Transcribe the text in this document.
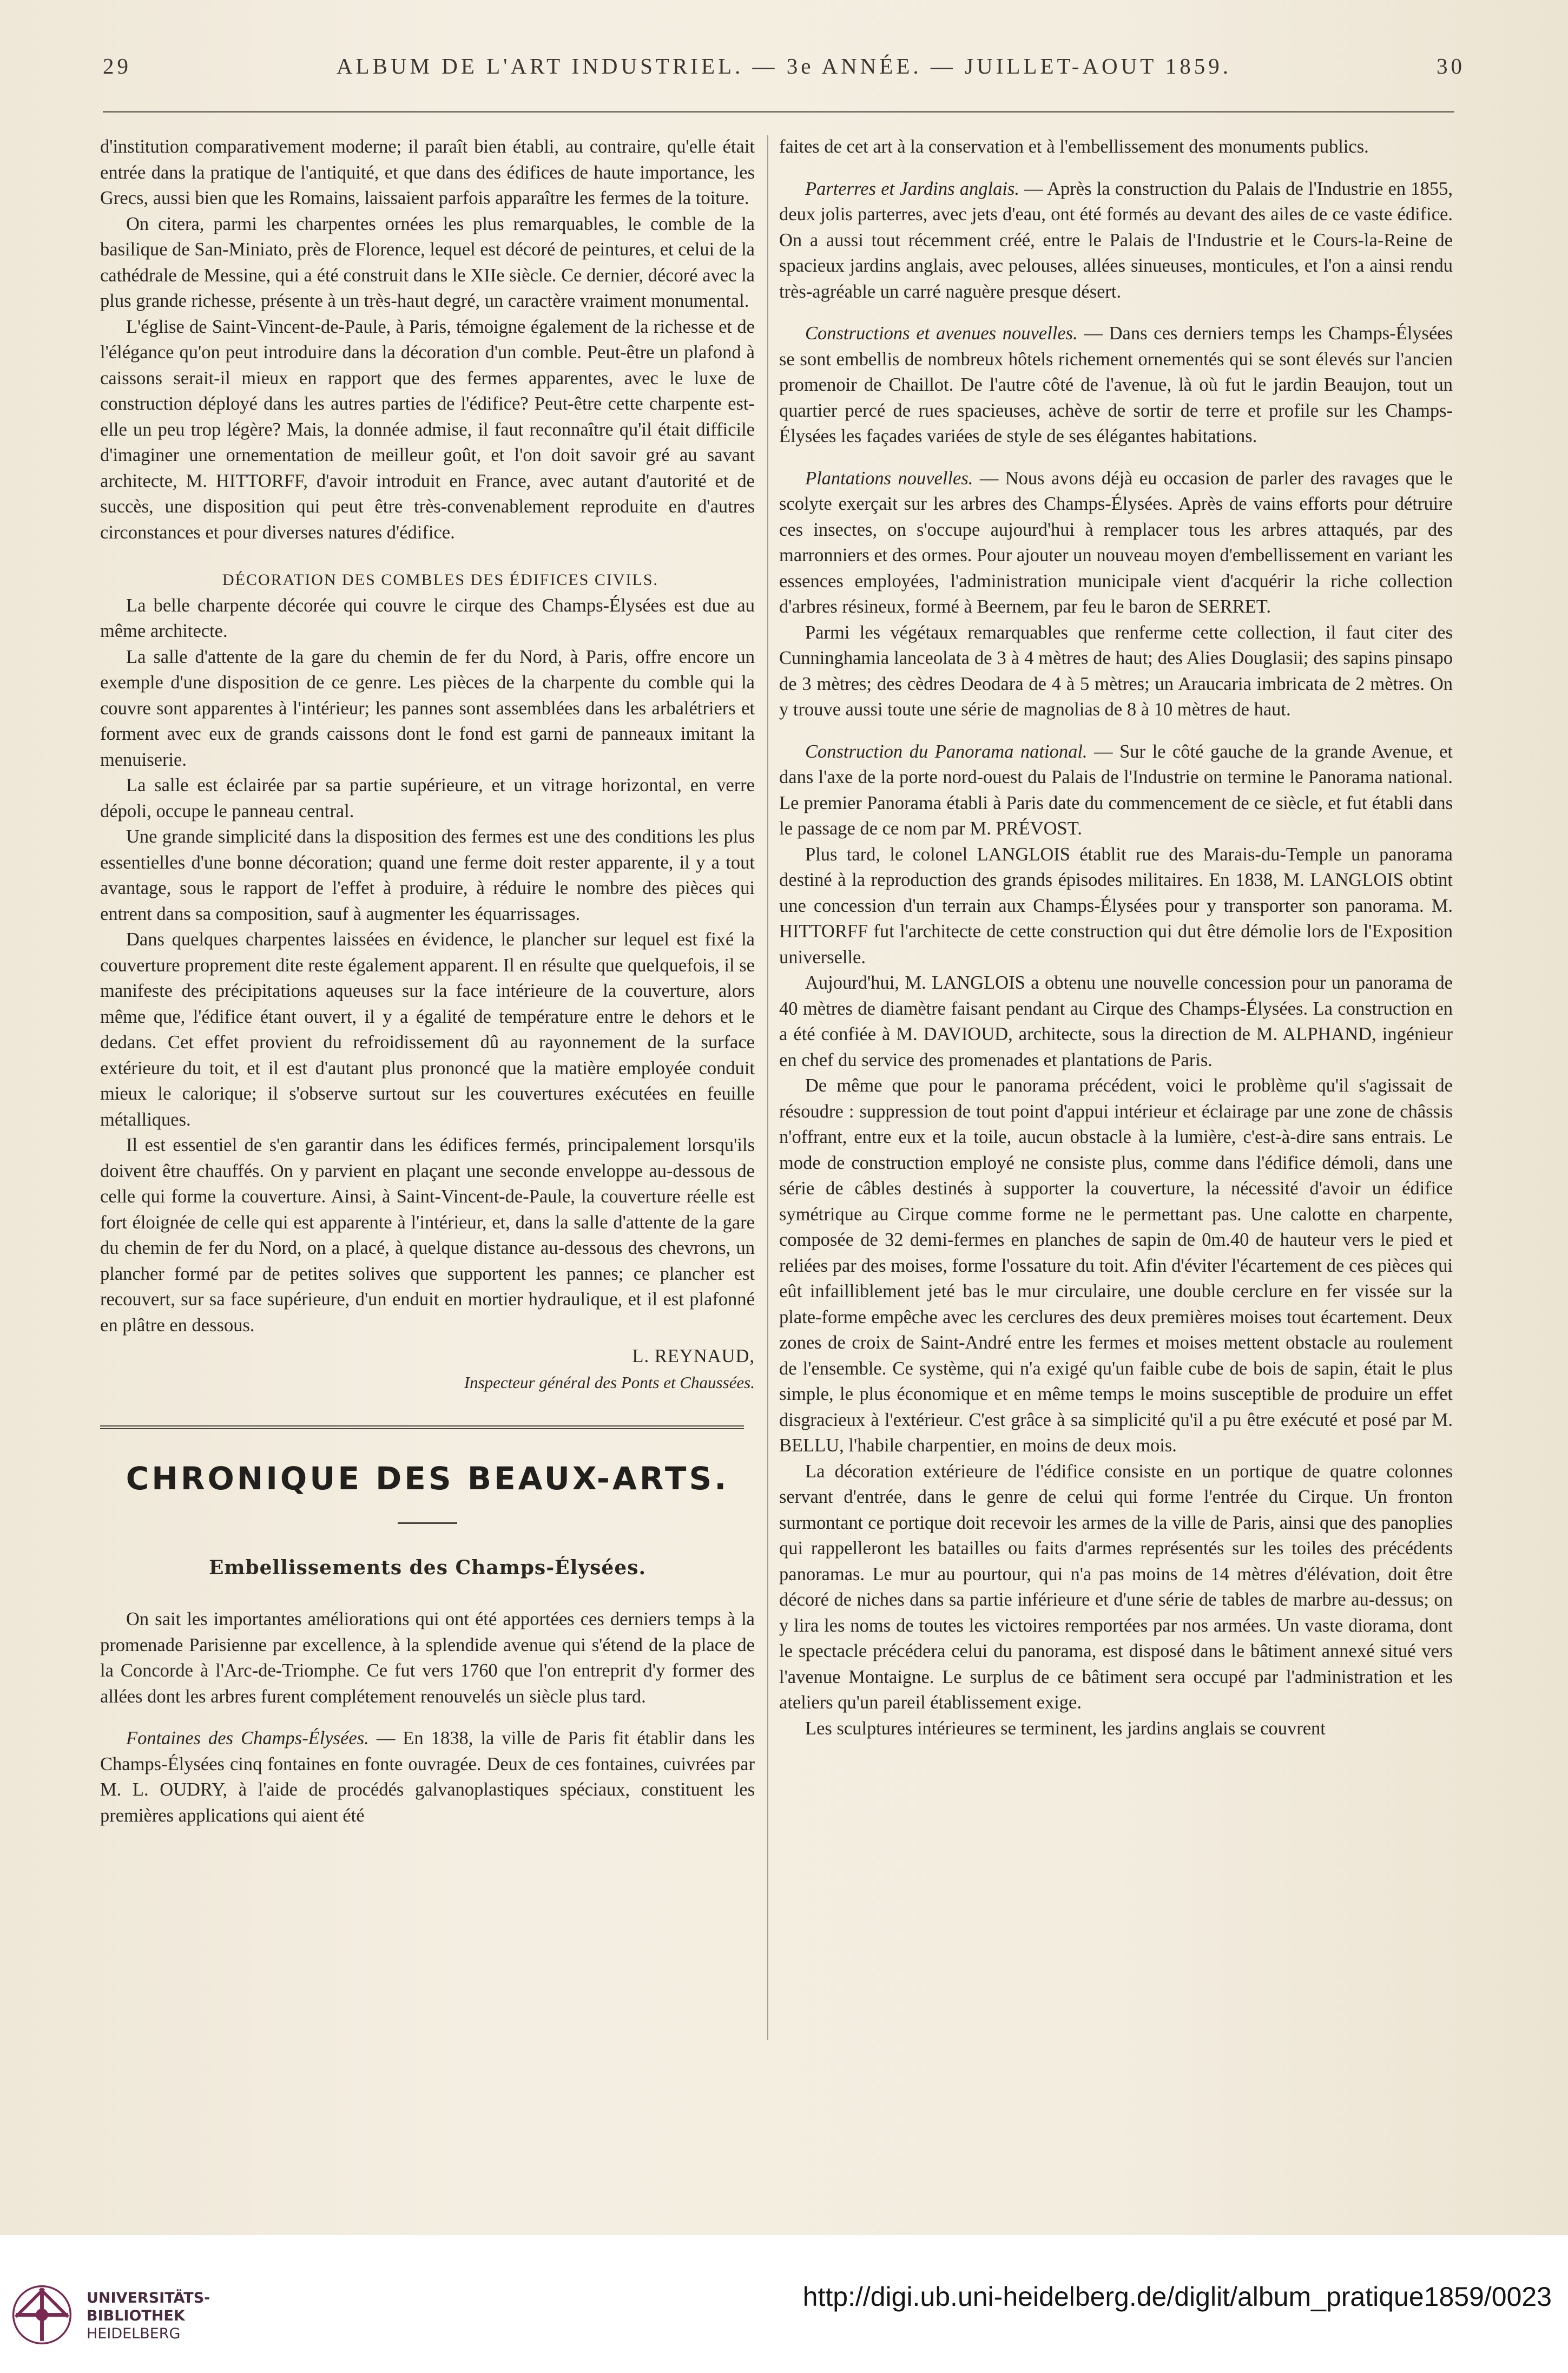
29	ALBUM DE L'ART INDUSTRIEL. — 3e ANNÉE. — JUILLET-AOUT 1859.	30

d'institution comparativement moderne; il paraît bien établi, au contraire, qu'elle était entrée dans la pratique de l'antiquité, et que dans des édifices de haute importance, les Grecs, aussi bien que les Romains, laissaient parfois apparaître les fermes de la toiture.

On citera, parmi les charpentes ornées les plus remarquables, le comble de la basilique de San-Miniato, près de Florence, lequel est décoré de peintures, et celui de la cathédrale de Messine, qui a été construit dans le XIIe siècle. Ce dernier, décoré avec la plus grande richesse, présente à un très-haut degré, un caractère vraiment monumental.

L'église de Saint-Vincent-de-Paule, à Paris, témoigne également de la richesse et de l'élégance qu'on peut introduire dans la décoration d'un comble. Peut-être un plafond à caissons serait-il mieux en rapport que des fermes apparentes, avec le luxe de construction déployé dans les autres parties de l'édifice? Peut-être cette charpente est-elle un peu trop légère? Mais, la donnée admise, il faut reconnaître qu'il était difficile d'imaginer une ornementation de meilleur goût, et l'on doit savoir gré au savant architecte, M. HITTORFF, d'avoir introduit en France, avec autant d'autorité et de succès, une disposition qui peut être très-convenablement reproduite en d'autres circonstances et pour diverses natures d'édifice.

DÉCORATION DES COMBLES DES ÉDIFICES CIVILS.

La belle charpente décorée qui couvre le cirque des Champs-Élysées est due au même architecte.

La salle d'attente de la gare du chemin de fer du Nord, à Paris, offre encore un exemple d'une disposition de ce genre. Les pièces de la charpente du comble qui la couvre sont apparentes à l'intérieur; les pannes sont assemblées dans les arbalétriers et forment avec eux de grands caissons dont le fond est garni de panneaux imitant la menuiserie.

La salle est éclairée par sa partie supérieure, et un vitrage horizontal, en verre dépoli, occupe le panneau central.

Une grande simplicité dans la disposition des fermes est une des conditions les plus essentielles d'une bonne décoration; quand une ferme doit rester apparente, il y a tout avantage, sous le rapport de l'effet à produire, à réduire le nombre des pièces qui entrent dans sa composition, sauf à augmenter les équarrissages.

Dans quelques charpentes laissées en évidence, le plancher sur lequel est fixé la couverture proprement dite reste également apparent. Il en résulte que quelquefois, il se manifeste des précipitations aqueuses sur la face intérieure de la couverture, alors même que, l'édifice étant ouvert, il y a égalité de température entre le dehors et le dedans. Cet effet provient du refroidissement dû au rayonnement de la surface extérieure du toit, et il est d'autant plus prononcé que la matière employée conduit mieux le calorique; il s'observe surtout sur les couvertures exécutées en feuille métalliques.

Il est essentiel de s'en garantir dans les édifices fermés, principalement lorsqu'ils doivent être chauffés. On y parvient en plaçant une seconde enveloppe au-dessous de celle qui forme la couverture. Ainsi, à Saint-Vincent-de-Paule, la couverture réelle est fort éloignée de celle qui est apparente à l'intérieur, et, dans la salle d'attente de la gare du chemin de fer du Nord, on a placé, à quelque distance au-dessous des chevrons, un plancher formé par de petites solives que supportent les pannes; ce plancher est recouvert, sur sa face supérieure, d'un enduit en mortier hydraulique, et il est plafonné en plâtre en dessous.

L. REYNAUD,

Inspecteur général des Ponts et Chaussées.

CHRONIQUE DES BEAUX-ARTS.
Embellissements des Champs-Élysées.

On sait les importantes améliorations qui ont été apportées ces derniers temps à la promenade Parisienne par excellence, à la splendide avenue qui s'étend de la place de la Concorde à l'Arc-de-Triomphe. Ce fut vers 1760 que l'on entreprit d'y former des allées dont les arbres furent complétement renouvelés un siècle plus tard.

Fontaines des Champs-Élysées. — En 1838, la ville de Paris fit établir dans les Champs-Élysées cinq fontaines en fonte ouvragée. Deux de ces fontaines, cuivrées par M. L. OUDRY, à l'aide de procédés galvanoplastiques spéciaux, constituent les premières applications qui aient été

faites de cet art à la conservation et à l'embellissement des monuments publics.

Parterres et Jardins anglais. — Après la construction du Palais de l'Industrie en 1855, deux jolis parterres, avec jets d'eau, ont été formés au devant des ailes de ce vaste édifice. On a aussi tout récemment créé, entre le Palais de l'Industrie et le Cours-la-Reine de spacieux jardins anglais, avec pelouses, allées sinueuses, monticules, et l'on a ainsi rendu très-agréable un carré naguère presque désert.

Constructions et avenues nouvelles. — Dans ces derniers temps les Champs-Élysées se sont embellis de nombreux hôtels richement ornementés qui se sont élevés sur l'ancien promenoir de Chaillot. De l'autre côté de l'avenue, là où fut le jardin Beaujon, tout un quartier percé de rues spacieuses, achève de sortir de terre et profile sur les Champs-Élysées les façades variées de style de ses élégantes habitations.

Plantations nouvelles. — Nous avons déjà eu occasion de parler des ravages que le scolyte exerçait sur les arbres des Champs-Élysées. Après de vains efforts pour détruire ces insectes, on s'occupe aujourd'hui à remplacer tous les arbres attaqués, par des marronniers et des ormes. Pour ajouter un nouveau moyen d'embellissement en variant les essences employées, l'administration municipale vient d'acquérir la riche collection d'arbres résineux, formé à Beernem, par feu le baron de SERRET.

Parmi les végétaux remarquables que renferme cette collection, il faut citer des Cunninghamia lanceolata de 3 à 4 mètres de haut; des Alies Douglasii; des sapins pinsapo de 3 mètres; des cèdres Deodara de 4 à 5 mètres; un Araucaria imbricata de 2 mètres. On y trouve aussi toute une série de magnolias de 8 à 10 mètres de haut.

Construction du Panorama national. — Sur le côté gauche de la grande Avenue, et dans l'axe de la porte nord-ouest du Palais de l'Industrie on termine le Panorama national. Le premier Panorama établi à Paris date du commencement de ce siècle, et fut établi dans le passage de ce nom par M. PRÉVOST.

Plus tard, le colonel LANGLOIS établit rue des Marais-du-Temple un panorama destiné à la reproduction des grands épisodes militaires. En 1838, M. LANGLOIS obtint une concession d'un terrain aux Champs-Élysées pour y transporter son panorama. M. HITTORFF fut l'architecte de cette construction qui dut être démolie lors de l'Exposition universelle.

Aujourd'hui, M. LANGLOIS a obtenu une nouvelle concession pour un panorama de 40 mètres de diamètre faisant pendant au Cirque des Champs-Élysées. La construction en a été confiée à M. DAVIOUD, architecte, sous la direction de M. ALPHAND, ingénieur en chef du service des promenades et plantations de Paris.

De même que pour le panorama précédent, voici le problème qu'il s'agissait de résoudre : suppression de tout point d'appui intérieur et éclairage par une zone de châssis n'offrant, entre eux et la toile, aucun obstacle à la lumière, c'est-à-dire sans entrais. Le mode de construction employé ne consiste plus, comme dans l'édifice démoli, dans une série de câbles destinés à supporter la couverture, la nécessité d'avoir un édifice symétrique au Cirque comme forme ne le permettant pas. Une calotte en charpente, composée de 32 demi-fermes en planches de sapin de 0m.40 de hauteur vers le pied et reliées par des moises, forme l'ossature du toit. Afin d'éviter l'écartement de ces pièces qui eût infailliblement jeté bas le mur circulaire, une double cerclure en fer vissée sur la plate-forme empêche avec les cerclures des deux premières moises tout écartement. Deux zones de croix de Saint-André entre les fermes et moises mettent obstacle au roulement de l'ensemble. Ce système, qui n'a exigé qu'un faible cube de bois de sapin, était le plus simple, le plus économique et en même temps le moins susceptible de produire un effet disgracieux à l'extérieur. C'est grâce à sa simplicité qu'il a pu être exécuté et posé par M. BELLU, l'habile charpentier, en moins de deux mois.

La décoration extérieure de l'édifice consiste en un portique de quatre colonnes servant d'entrée, dans le genre de celui qui forme l'entrée du Cirque. Un fronton surmontant ce portique doit recevoir les armes de la ville de Paris, ainsi que des panoplies qui rappelleront les batailles ou faits d'armes représentés sur les toiles des précédents panoramas. Le mur au pourtour, qui n'a pas moins de 14 mètres d'élévation, doit être décoré de niches dans sa partie inférieure et d'une série de tables de marbre au-dessus; on y lira les noms de toutes les victoires remportées par nos armées. Un vaste diorama, dont le spectacle précédera celui du panorama, est disposé dans le bâtiment annexé situé vers l'avenue Montaigne. Le surplus de ce bâtiment sera occupé par l'administration et les ateliers qu'un pareil établissement exige.

Les sculptures intérieures se terminent, les jardins anglais se couvrent

UNIVERSITÄTS-
BIBLIOTHEK
HEIDELBERG
http://digi.ub.uni-heidelberg.de/diglit/album_pratique1859/0023
